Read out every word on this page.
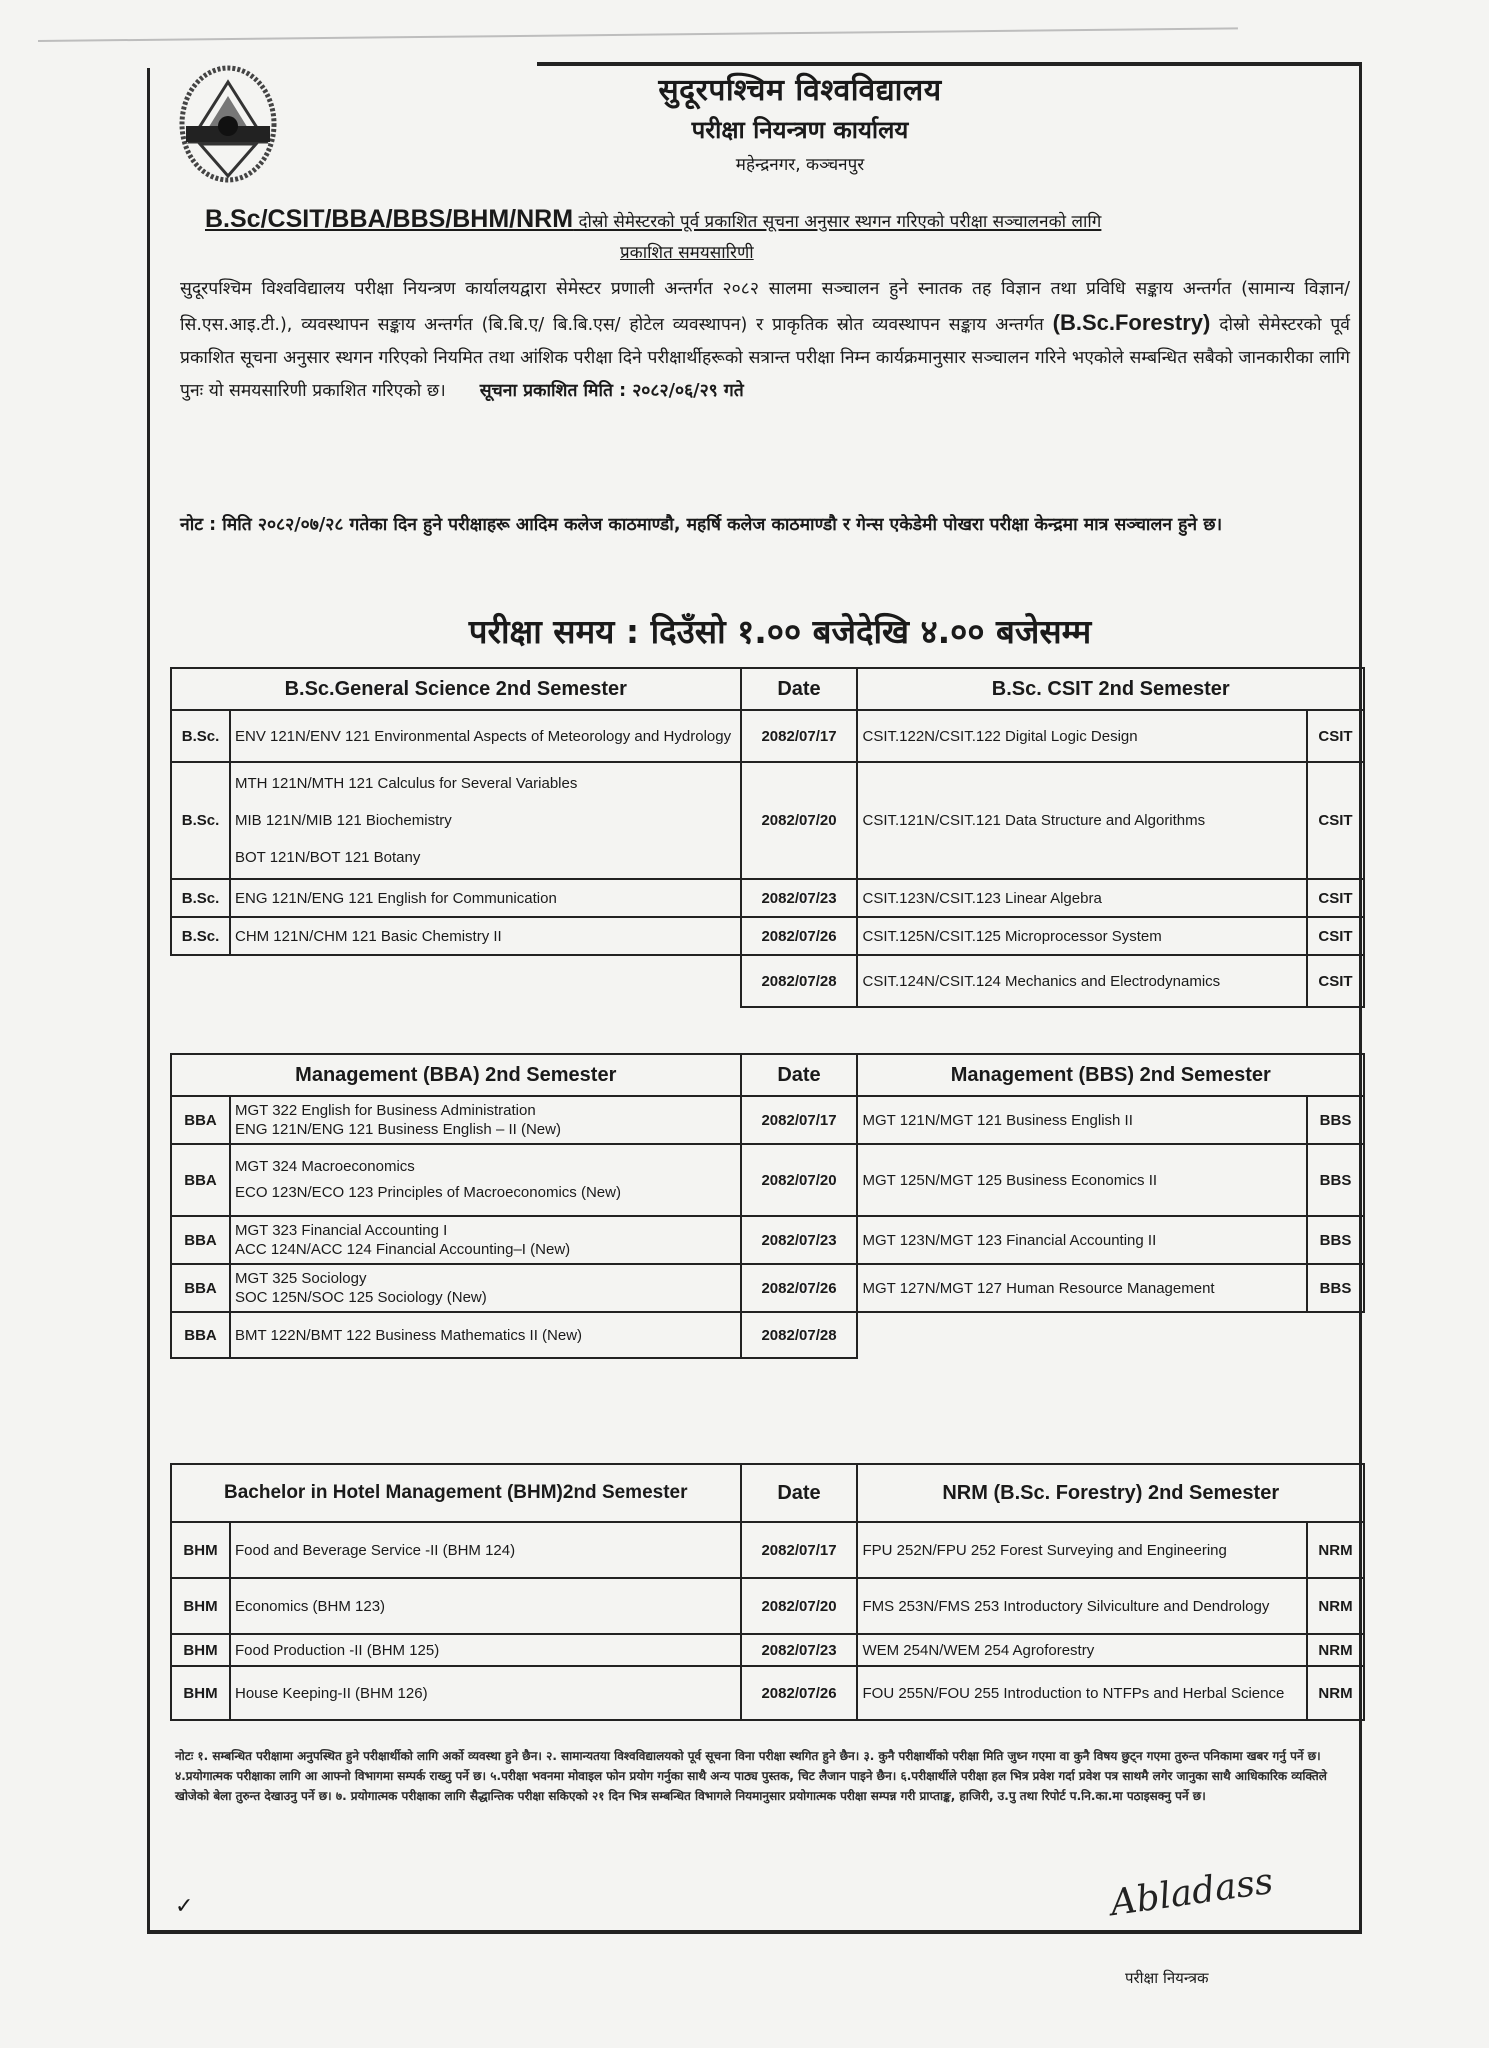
सुदूरपश्चिम विश्वविद्यालय
परीक्षा नियन्त्रण कार्यालय
महेन्द्रनगर, कञ्चनपुर
B.Sc/CSIT/BBA/BBS/BHM/NRM दोस्रो सेमेस्टरको पूर्व प्रकाशित सूचना अनुसार स्थगन गरिएको परीक्षा सञ्चालनको लागि
प्रकाशित समयसारिणी
सुदूरपश्चिम विश्वविद्यालय परीक्षा नियन्त्रण कार्यालयद्वारा सेमेस्टर प्रणाली अन्तर्गत २०८२ सालमा सञ्चालन हुने स्नातक तह विज्ञान तथा प्रविधि सङ्काय अन्तर्गत (सामान्य विज्ञान/सि.एस.आइ.टी.), व्यवस्थापन सङ्काय अन्तर्गत (बि.बि.ए/ बि.बि.एस/ होटेल व्यवस्थापन) र प्राकृतिक स्रोत व्यवस्थापन सङ्काय अन्तर्गत (B.Sc.Forestry) दोस्रो सेमेस्टरको पूर्व प्रकाशित सूचना अनुसार स्थगन गरिएको नियमित तथा आंशिक परीक्षा दिने परीक्षार्थीहरूको सत्रान्त परीक्षा निम्न कार्यक्रमानुसार सञ्चालन गरिने भएकोले सम्बन्धित सबैको जानकारीका लागि पुनः यो समयसारिणी प्रकाशित गरिएको छ। सूचना प्रकाशित मिति : २०८२/०६/२९ गते
नोट : मिति २०८२/०७/२८ गतेका दिन हुने परीक्षाहरू आदिम कलेज काठमाण्डौ, महर्षि कलेज काठमाण्डौ र गेन्स एकेडेमी पोखरा परीक्षा केन्द्रमा मात्र सञ्चालन हुने छ।
परीक्षा समय : दिउँसो १.०० बजेदेखि ४.०० बजेसम्म
B.Sc.General Science 2nd Semester		Date	B.Sc. CSIT 2nd Semester	
B.Sc.	ENV 121N/ENV 121 Environmental Aspects of Meteorology and Hydrology	2082/07/17	CSIT.122N/CSIT.122 Digital Logic Design	CSIT
B.Sc.	MTH 121N/MTH 121 Calculus for Several Variables
MIB 121N/MIB 121 Biochemistry
BOT 121N/BOT 121 Botany	2082/07/20	CSIT.121N/CSIT.121 Data Structure and Algorithms	CSIT
B.Sc.	ENG 121N/ENG 121 English for Communication	2082/07/23	CSIT.123N/CSIT.123 Linear Algebra	CSIT
B.Sc.	CHM 121N/CHM 121 Basic Chemistry II	2082/07/26	CSIT.125N/CSIT.125 Microprocessor System	CSIT
		2082/07/28	CSIT.124N/CSIT.124 Mechanics and Electrodynamics	CSIT
Management (BBA) 2nd Semester		Date	Management (BBS) 2nd Semester	
BBA	MGT 322 English for Business Administration
ENG 121N/ENG 121 Business English – II (New)	2082/07/17	MGT 121N/MGT 121 Business English II	BBS
BBA	MGT 324 Macroeconomics
ECO 123N/ECO 123 Principles of Macroeconomics (New)	2082/07/20	MGT 125N/MGT 125 Business Economics II	BBS
BBA	MGT 323 Financial Accounting I
ACC 124N/ACC 124 Financial Accounting–I (New)	2082/07/23	MGT 123N/MGT 123 Financial Accounting II	BBS
BBA	MGT 325 Sociology
SOC 125N/SOC 125 Sociology (New)	2082/07/26	MGT 127N/MGT 127 Human Resource Management	BBS
BBA	BMT 122N/BMT 122 Business Mathematics II (New)	2082/07/28		
Bachelor in Hotel Management (BHM)2nd Semester		Date	NRM (B.Sc. Forestry) 2nd Semester	
BHM	Food and Beverage Service -II (BHM 124)	2082/07/17	FPU 252N/FPU 252 Forest Surveying and Engineering	NRM
BHM	Economics (BHM 123)	2082/07/20	FMS 253N/FMS 253 Introductory Silviculture and Dendrology	NRM
BHM	Food Production -II (BHM 125)	2082/07/23	WEM 254N/WEM 254 Agroforestry	NRM
BHM	House Keeping-II (BHM 126)	2082/07/26	FOU 255N/FOU 255 Introduction to NTFPs and Herbal Science	NRM
नोटः १. सम्बन्धित परीक्षामा अनुपस्थित हुने परीक्षार्थीको लागि अर्को व्यवस्था हुने छैन। २. सामान्यतया विश्वविद्यालयको पूर्व सूचना विना परीक्षा स्थगित हुने छैन। ३. कुनै परीक्षार्थीको परीक्षा मिति जुध्न गएमा वा कुनै विषय छुट्न गएमा तुरुन्त पनिकामा खबर गर्नु पर्ने छ। ४.प्रयोगात्मक परीक्षाका लागि आ आफ्नो विभागमा सम्पर्क राख्नु पर्ने छ। ५.परीक्षा भवनमा मोवाइल फोन प्रयोग गर्नुका साथै अन्य पाठ्य पुस्तक, चिट लैजान पाइने छैन। ६.परीक्षार्थीले परीक्षा हल भित्र प्रवेश गर्दा प्रवेश पत्र साथमै लगेर जानुका साथै आधिकारिक व्यक्तिले खोजेको बेला तुरुन्त देखाउनु पर्ने छ। ७. प्रयोगात्मक परीक्षाका लागि सैद्धान्तिक परीक्षा सकिएको २१ दिन भित्र सम्बन्धित विभागले नियमानुसार प्रयोगात्मक परीक्षा सम्पन्न गरी प्राप्ताङ्क, हाजिरी, उ.पु तथा रिपोर्ट प.नि.का.मा पठाइसक्नु पर्ने छ।
✓	Abladass
परीक्षा नियन्त्रक
